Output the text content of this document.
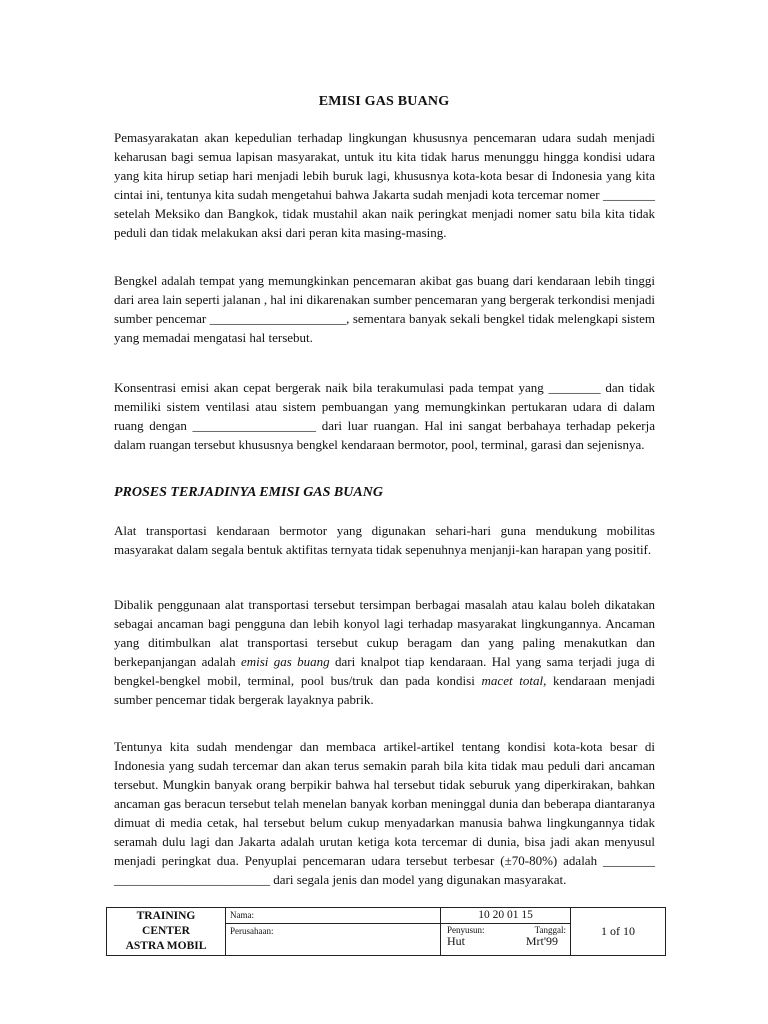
EMISI GAS BUANG

Pemasyarakatan akan kepedulian terhadap lingkungan khususnya pencemaran udara sudah menjadi keharusan bagi semua lapisan masyarakat, untuk itu kita tidak harus menunggu hingga kondisi udara yang kita hirup setiap hari menjadi lebih buruk lagi, khususnya kota-kota besar di Indonesia yang kita cintai ini, tentunya kita sudah mengetahui bahwa Jakarta sudah menjadi kota tercemar nomer ________ setelah Meksiko dan Bangkok, tidak mustahil akan naik peringkat menjadi nomer satu bila kita tidak peduli dan tidak melakukan aksi dari peran kita masing-masing.

Bengkel adalah tempat yang memungkinkan pencemaran akibat gas buang dari kendaraan lebih tinggi dari area lain seperti jalanan , hal ini dikarenakan sumber pencemaran yang bergerak terkondisi menjadi sumber pencemar _____________________, sementara banyak sekali bengkel tidak melengkapi sistem yang memadai mengatasi hal tersebut.

Konsentrasi emisi akan cepat bergerak naik bila terakumulasi pada tempat yang ________ dan tidak memiliki sistem ventilasi atau sistem pembuangan yang memungkinkan pertukaran udara di dalam ruang dengan ___________________ dari luar ruangan. Hal ini sangat berbahaya terhadap pekerja dalam ruangan tersebut khususnya bengkel kendaraan bermotor, pool, terminal, garasi dan sejenisnya.

PROSES TERJADINYA EMISI GAS BUANG

Alat transportasi kendaraan bermotor yang digunakan sehari-hari guna mendukung mobilitas masyarakat dalam segala bentuk aktifitas ternyata tidak sepenuhnya menjanji-kan harapan yang positif.

Dibalik penggunaan alat transportasi tersebut tersimpan berbagai masalah atau kalau boleh dikatakan sebagai ancaman bagi pengguna dan lebih konyol lagi terhadap masyarakat lingkungannya. Ancaman yang ditimbulkan alat transportasi tersebut cukup beragam dan yang paling menakutkan dan berkepanjangan adalah emisi gas buang dari knalpot tiap kendaraan. Hal yang sama terjadi juga di bengkel-bengkel mobil, terminal, pool bus/truk dan pada kondisi macet total, kendaraan menjadi sumber pencemar tidak bergerak layaknya pabrik.

Tentunya kita sudah mendengar dan membaca artikel-artikel tentang kondisi kota-kota besar di Indonesia yang sudah tercemar dan akan terus semakin parah bila kita tidak mau peduli dari ancaman tersebut. Mungkin banyak orang berpikir bahwa hal tersebut tidak seburuk yang diperkirakan, bahkan ancaman gas beracun tersebut telah menelan banyak korban meninggal dunia dan beberapa diantaranya dimuat di media cetak, hal tersebut belum cukup menyadarkan manusia bahwa lingkungannya tidak seramah dulu lagi dan Jakarta adalah urutan ketiga kota tercemar di dunia, bisa jadi akan menyusul menjadi peringkat dua. Penyuplai pencemaran udara tersebut terbesar (±70-80%) adalah ________ ________________________ dari segala jenis dan model yang digunakan masyarakat.

TRAINING
CENTER
ASTRA MOBIL	Nama:	10 20 01 15	1 of 10
	Perusahaan:	Penyusun: Tanggal:
Hut Mrt'99	
